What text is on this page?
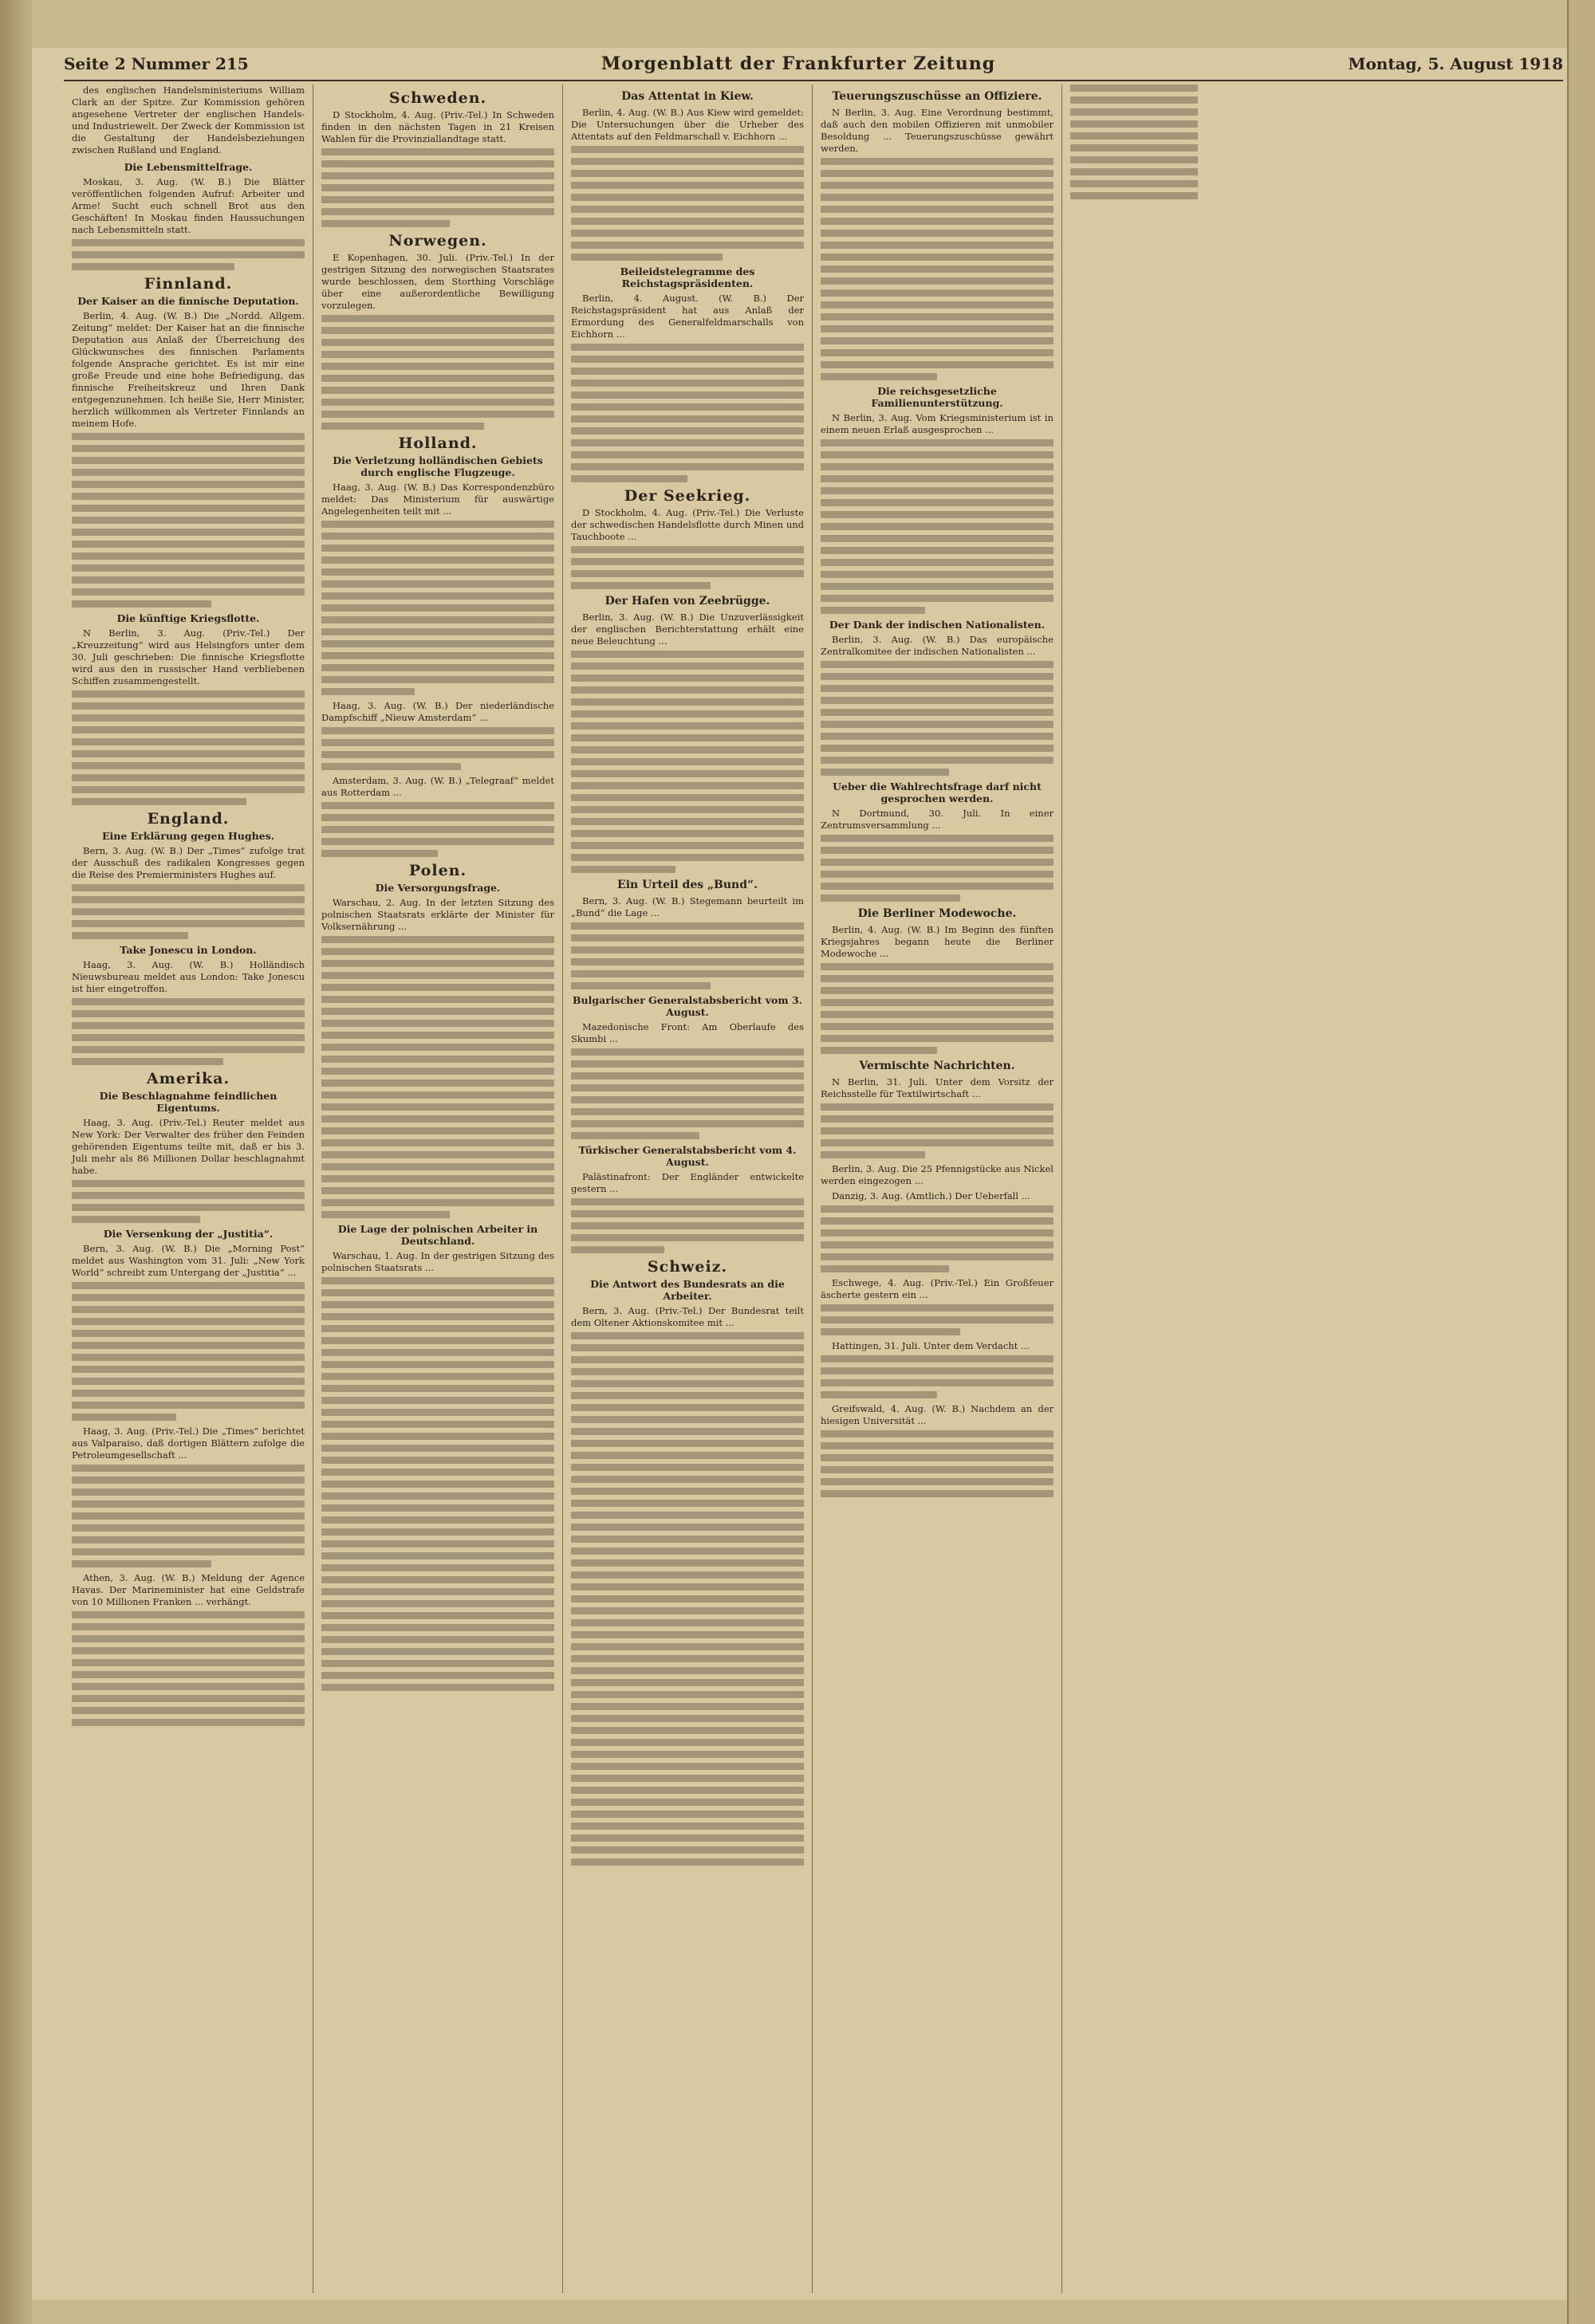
Seite 2 Nummer 215	Morgenblatt der Frankfurter Zeitung	Montag, 5. August 1918

des englischen Handelsministeriums William Clark an der Spitze. Zur Kommission gehören angesehene Vertreter der englischen Handels- und Industriewelt. Der Zweck der Kommission ist die Gestaltung der Handelsbeziehungen zwischen Rußland und England.

Die Lebensmittelfrage.

Moskau, 3. Aug. (W. B.) Die Blätter veröffentlichen folgenden Aufruf: Arbeiter und Arme! Sucht euch schnell Brot aus den Geschäften! In Moskau finden Haussuchungen nach Lebensmitteln statt.

Finnland.
Der Kaiser an die finnische Deputation.

Berlin, 4. Aug. (W. B.) Die „Nordd. Allgem. Zeitung“ meldet: Der Kaiser hat an die finnische Deputation aus Anlaß der Überreichung des Glückwunsches des finnischen Parlaments folgende Ansprache gerichtet. Es ist mir eine große Freude und eine hohe Befriedigung, das finnische Freiheitskreuz und Ihren Dank entgegenzunehmen. Ich heiße Sie, Herr Minister, herzlich willkommen als Vertreter Finnlands an meinem Hofe.

Die künftige Kriegsflotte.

N Berlin, 3. Aug. (Priv.-Tel.) Der „Kreuzzeitung“ wird aus Helsingfors unter dem 30. Juli geschrieben: Die finnische Kriegsflotte wird aus den in russischer Hand verbliebenen Schiffen zusammengestellt.

England.
Eine Erklärung gegen Hughes.

Bern, 3. Aug. (W. B.) Der „Times“ zufolge trat der Ausschuß des radikalen Kongresses gegen die Reise des Premierministers Hughes auf.

Take Jonescu in London.

Haag, 3. Aug. (W. B.) Holländisch Nieuwsbureau meldet aus London: Take Jonescu ist hier eingetroffen.

Amerika.
Die Beschlagnahme feindlichen Eigentums.

Haag, 3. Aug. (Priv.-Tel.) Reuter meldet aus New York: Der Verwalter des früher den Feinden gehörenden Eigentums teilte mit, daß er bis 3. Juli mehr als 86 Millionen Dollar beschlagnahmt habe.

Die Versenkung der „Justitia“.

Bern, 3. Aug. (W. B.) Die „Morning Post“ meldet aus Washington vom 31. Juli: „New York World“ schreibt zum Untergang der „Justitia“ ...

Haag, 3. Aug. (Priv.-Tel.) Die „Times“ berichtet aus Valparaiso, daß dortigen Blättern zufolge die Petroleumgesellschaft ...

Athen, 3. Aug. (W. B.) Meldung der Agence Havas. Der Marineminister hat eine Geldstrafe von 10 Millionen Franken ... verhängt.

Schweden.

D Stockholm, 4. Aug. (Priv.-Tel.) In Schweden finden in den nächsten Tagen in 21 Kreisen Wahlen für die Provinziallandtage statt.

Norwegen.

E Kopenhagen, 30. Juli. (Priv.-Tel.) In der gestrigen Sitzung des norwegischen Staatsrates wurde beschlossen, dem Storthing Vorschläge über eine außerordentliche Bewilligung vorzulegen.

Holland.
Die Verletzung holländischen Gebiets durch englische Flugzeuge.

Haag, 3. Aug. (W. B.) Das Korrespondenzbüro meldet: Das Ministerium für auswärtige Angelegenheiten teilt mit ...

Haag, 3. Aug. (W. B.) Der niederländische Dampfschiff „Nieuw Amsterdam“ ...

Amsterdam, 3. Aug. (W. B.) „Telegraaf“ meldet aus Rotterdam ...

Polen.
Die Versorgungsfrage.

Warschau, 2. Aug. In der letzten Sitzung des polnischen Staatsrats erklärte der Minister für Volksernährung ...

Die Lage der polnischen Arbeiter in Deutschland.

Warschau, 1. Aug. In der gestrigen Sitzung des polnischen Staatsrats ...

Das Attentat in Kiew.

Berlin, 4. Aug. (W. B.) Aus Kiew wird gemeldet: Die Untersuchungen über die Urheber des Attentats auf den Feldmarschall v. Eichhorn ...

Beileidstelegramme des Reichstagspräsidenten.

Berlin, 4. August. (W. B.) Der Reichstagspräsident hat aus Anlaß der Ermordung des Generalfeldmarschalls von Eichhorn ...

Der Seekrieg.

D Stockholm, 4. Aug. (Priv.-Tel.) Die Verluste der schwedischen Handelsflotte durch Minen und Tauchboote ...

Der Hafen von Zeebrügge.

Berlin, 3. Aug. (W. B.) Die Unzuverlässigkeit der englischen Berichterstattung erhält eine neue Beleuchtung ...

Ein Urteil des „Bund“.

Bern, 3. Aug. (W. B.) Stegemann beurteilt im „Bund“ die Lage ...

Bulgarischer Generalstabsbericht vom 3. August.

Mazedonische Front: Am Oberlaufe des Skumbi ...

Türkischer Generalstabsbericht vom 4. August.

Palästinafront: Der Engländer entwickelte gestern ...

Schweiz.
Die Antwort des Bundesrats an die Arbeiter.

Bern, 3. Aug. (Priv.-Tel.) Der Bundesrat teilt dem Oltener Aktionskomitee mit ...

Teuerungszuschüsse an Offiziere.

N Berlin, 3. Aug. Eine Verordnung bestimmt, daß auch den mobilen Offizieren mit unmobiler Besoldung ... Teuerungszuschüsse gewährt werden.

Die reichsgesetzliche Familienunterstützung.

N Berlin, 3. Aug. Vom Kriegsministerium ist in einem neuen Erlaß ausgesprochen ...

Der Dank der indischen Nationalisten.

Berlin, 3. Aug. (W. B.) Das europäische Zentralkomitee der indischen Nationalisten ...

Ueber die Wahlrechtsfrage darf nicht gesprochen werden.

N Dortmund, 30. Juli. In einer Zentrumsversammlung ...

Die Berliner Modewoche.

Berlin, 4. Aug. (W. B.) Im Beginn des fünften Kriegsjahres begann heute die Berliner Modewoche ...

Vermischte Nachrichten.

N Berlin, 31. Juli. Unter dem Vorsitz der Reichsstelle für Textilwirtschaft ...

Berlin, 3. Aug. Die 25 Pfennigstücke aus Nickel werden eingezogen ...

Danzig, 3. Aug. (Amtlich.) Der Ueberfall ...

Eschwege, 4. Aug. (Priv.-Tel.) Ein Großfeuer äscherte gestern ein ...

Hattingen, 31. Juli. Unter dem Verdacht ...

Greifswald, 4. Aug. (W. B.) Nachdem an der hiesigen Universität ...
